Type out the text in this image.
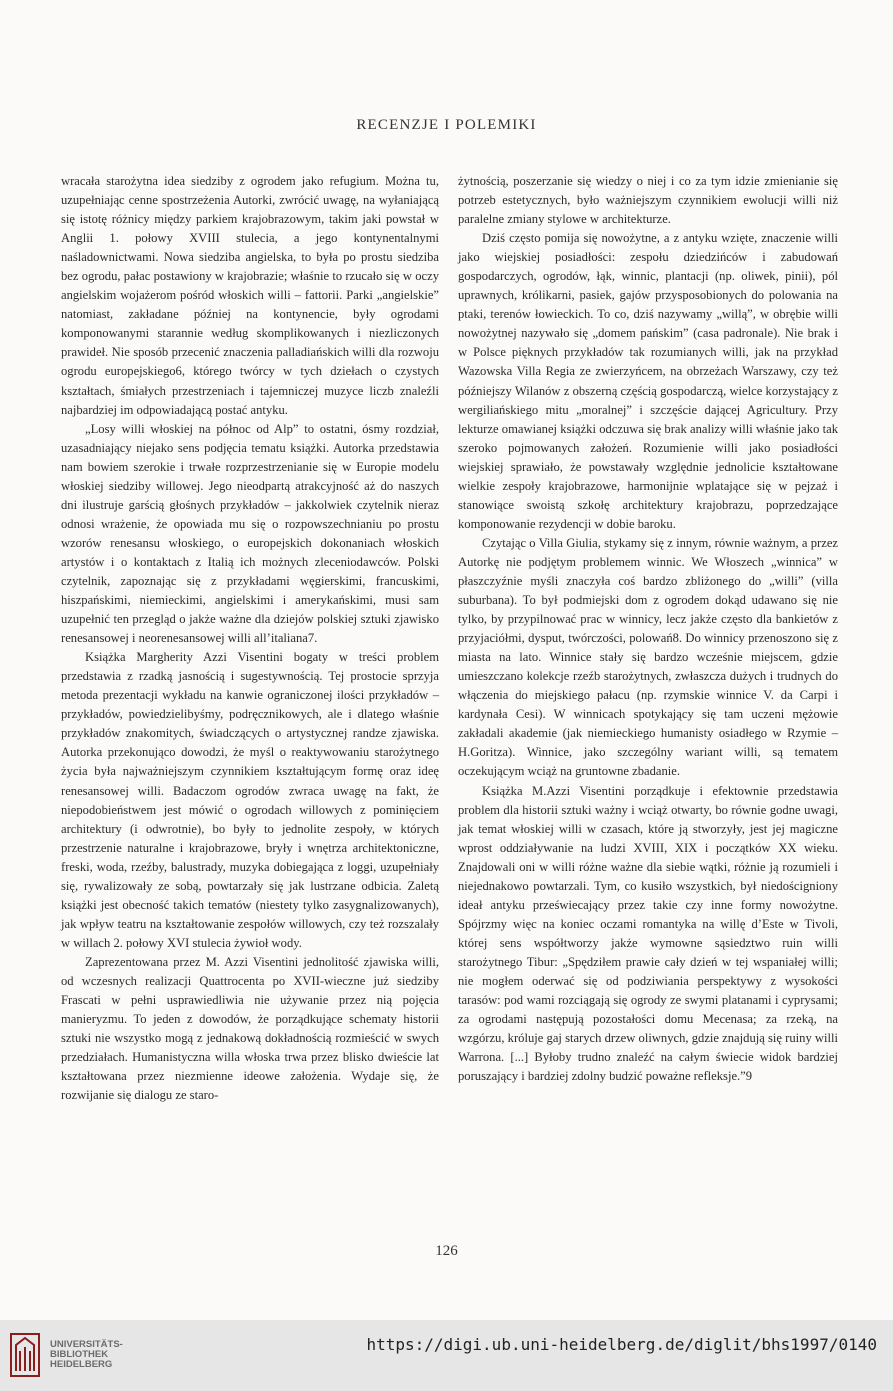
RECENZJE I POLEMIKI

wracała starożytna idea siedziby z ogrodem jako refugium. Można tu, uzupełniając cenne spostrzeżenia Autorki, zwrócić uwagę, na wyłaniającą się istotę różnicy między parkiem krajobrazowym, takim jaki powstał w Anglii 1. połowy XVIII stulecia, a jego kontynentalnymi naśladownictwami. Nowa siedziba angielska, to była po prostu siedziba bez ogrodu, pałac postawiony w krajobrazie; właśnie to rzucało się w oczy angielskim wojażerom pośród włoskich willi – fattorii. Parki „angielskie” natomiast, zakładane później na kontynencie, były ogrodami komponowanymi starannie według skomplikowanych i niezliczonych prawideł. Nie sposób przecenić znaczenia palladiańskich willi dla rozwoju ogrodu europejskiego6, którego twórcy w tych dziełach o czystych kształtach, śmiałych przestrzeniach i tajemniczej muzyce liczb znaleźli najbardziej im odpowiadającą postać antyku.

„Losy willi włoskiej na północ od Alp” to ostatni, ósmy rozdział, uzasadniający niejako sens podjęcia tematu książki. Autorka przedstawia nam bowiem szerokie i trwałe rozprzestrzenianie się w Europie modelu włoskiej siedziby willowej. Jego nieodpartą atrakcyjność aż do naszych dni ilustruje garścią głośnych przykładów – jakkolwiek czytelnik nieraz odnosi wrażenie, że opowiada mu się o rozpowszechnianiu po prostu wzorów renesansu włoskiego, o europejskich dokonaniach włoskich artystów i o kontaktach z Italią ich możnych zleceniodawców. Polski czytelnik, zapoznając się z przykładami węgierskimi, francuskimi, hiszpańskimi, niemieckimi, angielskimi i amerykańskimi, musi sam uzupełnić ten przegląd o jakże ważne dla dziejów polskiej sztuki zjawisko renesansowej i neorenesansowej willi all’italiana7.

Książka Margherity Azzi Visentini bogaty w treści problem przedstawia z rzadką jasnością i sugestywnością. Tej prostocie sprzyja metoda prezentacji wykładu na kanwie ograniczonej ilości przykładów – przykładów, powiedzielibyśmy, podręcznikowych, ale i dlatego właśnie przykładów znakomitych, świadczących o artystycznej randze zjawiska. Autorka przekonująco dowodzi, że myśl o reaktywowaniu starożytnego życia była najważniejszym czynnikiem kształtującym formę oraz ideę renesansowej willi. Badaczom ogrodów zwraca uwagę na fakt, że niepodobieństwem jest mówić o ogrodach willowych z pominięciem architektury (i odwrotnie), bo były to jednolite zespoły, w których przestrzenie naturalne i krajobrazowe, bryły i wnętrza architektoniczne, freski, woda, rzeźby, balustrady, muzyka dobiegająca z loggi, uzupełniały się, rywalizowały ze sobą, powtarzały się jak lustrzane odbicia. Zaletą książki jest obecność takich tematów (niestety tylko zasygnalizowanych), jak wpływ teatru na kształtowanie zespołów willowych, czy też rozszalały w willach 2. połowy XVI stulecia żywioł wody.

Zaprezentowana przez M. Azzi Visentini jednolitość zjawiska willi, od wczesnych realizacji Quattrocenta po XVII-wieczne już siedziby Frascati w pełni usprawiedliwia nie używanie przez nią pojęcia manieryzmu. To jeden z dowodów, że porządkujące schematy historii sztuki nie wszystko mogą z jednakową dokładnością rozmieścić w swych przedziałach. Humanistyczna willa włoska trwa przez blisko dwieście lat kształtowana przez niezmienne ideowe założenia. Wydaje się, że rozwijanie się dialogu ze staro-

żytnością, poszerzanie się wiedzy o niej i co za tym idzie zmienianie się potrzeb estetycznych, było ważniejszym czynnikiem ewolucji willi niż paralelne zmiany stylowe w architekturze.

Dziś często pomija się nowożytne, a z antyku wzięte, znaczenie willi jako wiejskiej posiadłości: zespołu dziedzińców i zabudowań gospodarczych, ogrodów, łąk, winnic, plantacji (np. oliwek, pinii), pól uprawnych, królikarni, pasiek, gajów przysposobionych do polowania na ptaki, terenów łowieckich. To co, dziś nazywamy „willą”, w obrębie willi nowożytnej nazywało się „domem pańskim” (casa padronale). Nie brak i w Polsce pięknych przykładów tak rozumianych willi, jak na przykład Wazowska Villa Regia ze zwierzyńcem, na obrzeżach Warszawy, czy też późniejszy Wilanów z obszerną częścią gospodarczą, wielce korzystający z wergiliańskiego mitu „moralnej” i szczęście dającej Agriculturу. Przy lekturze omawianej książki odczuwa się brak analizy willi właśnie jako tak szeroko pojmowanych założeń. Rozumienie willi jako posiadłości wiejskiej sprawiało, że powstawały względnie jednolicie kształtowane wielkie zespoły krajobrazowe, harmonijnie wplatające się w pejzaż i stanowiące swoistą szkołę architektury krajobrazu, poprzedzające komponowanie rezydencji w dobie baroku.

Czytając o Villa Giulia, stykamy się z innym, równie ważnym, a przez Autorkę nie podjętym problemem winnic. We Włoszech „winnica” w płaszczyźnie myśli znaczyła coś bardzo zbliżonego do „willi” (villa suburbana). To był podmiejski dom z ogrodem dokąd udawano się nie tylko, by przypilnować prac w winnicy, lecz jakże często dla bankietów z przyjaciółmi, dysput, twórczości, polowań8. Do winnicy przenoszono się z miasta na lato. Winnice stały się bardzo wcześnie miejscem, gdzie umieszczano kolekcje rzeźb starożytnych, zwłaszcza dużych i trudnych do włączenia do miejskiego pałacu (np. rzymskie winnice V. da Carpi i kardynała Cesi). W winnicach spotykający się tam uczeni mężowie zakładali akademie (jak niemieckiego humanisty osiadłego w Rzymie – H.Goritza). Winnice, jako szczególny wariant willi, są tematem oczekującym wciąż na gruntowne zbadanie.

Książka M.Azzi Visentini porządkuje i efektownie przedstawia problem dla historii sztuki ważny i wciąż otwarty, bo równie godne uwagi, jak temat włoskiej willi w czasach, które ją stworzyły, jest jej magiczne wprost oddziaływanie na ludzi XVIII, XIX i początków XX wieku. Znajdowali oni w willi różne ważne dla siebie wątki, różnie ją rozumieli i niejednakowo powtarzali. Tym, co kusiło wszystkich, był niedościgniony ideał antyku przeświecający przez takie czy inne formy nowożytne. Spójrzmy więc na koniec oczami romantyka na willę d’Este w Tivoli, której sens współtworzy jakże wymowne sąsiedztwo ruin willi starożytnego Tibur: „Spędziłem prawie cały dzień w tej wspaniałej willi; nie mogłem oderwać się od podziwiania perspektywy z wysokości tarasów: pod wami rozciągają się ogrody ze swymi platanami i cyprysami; za ogrodami następują pozostałości domu Mecenasa; za rzeką, na wzgórzu, króluje gaj starych drzew oliwnych, gdzie znajdują się ruiny willi Warrona. [...] Byłoby trudno znaleźć na całym świecie widok bardziej poruszający i bardziej zdolny budzić poważne refleksje.”9

126
UNIVERSITÄTS-
BIBLIOTHEK
HEIDELBERG
https://digi.ub.uni-heidelberg.de/diglit/bhs1997/0140
